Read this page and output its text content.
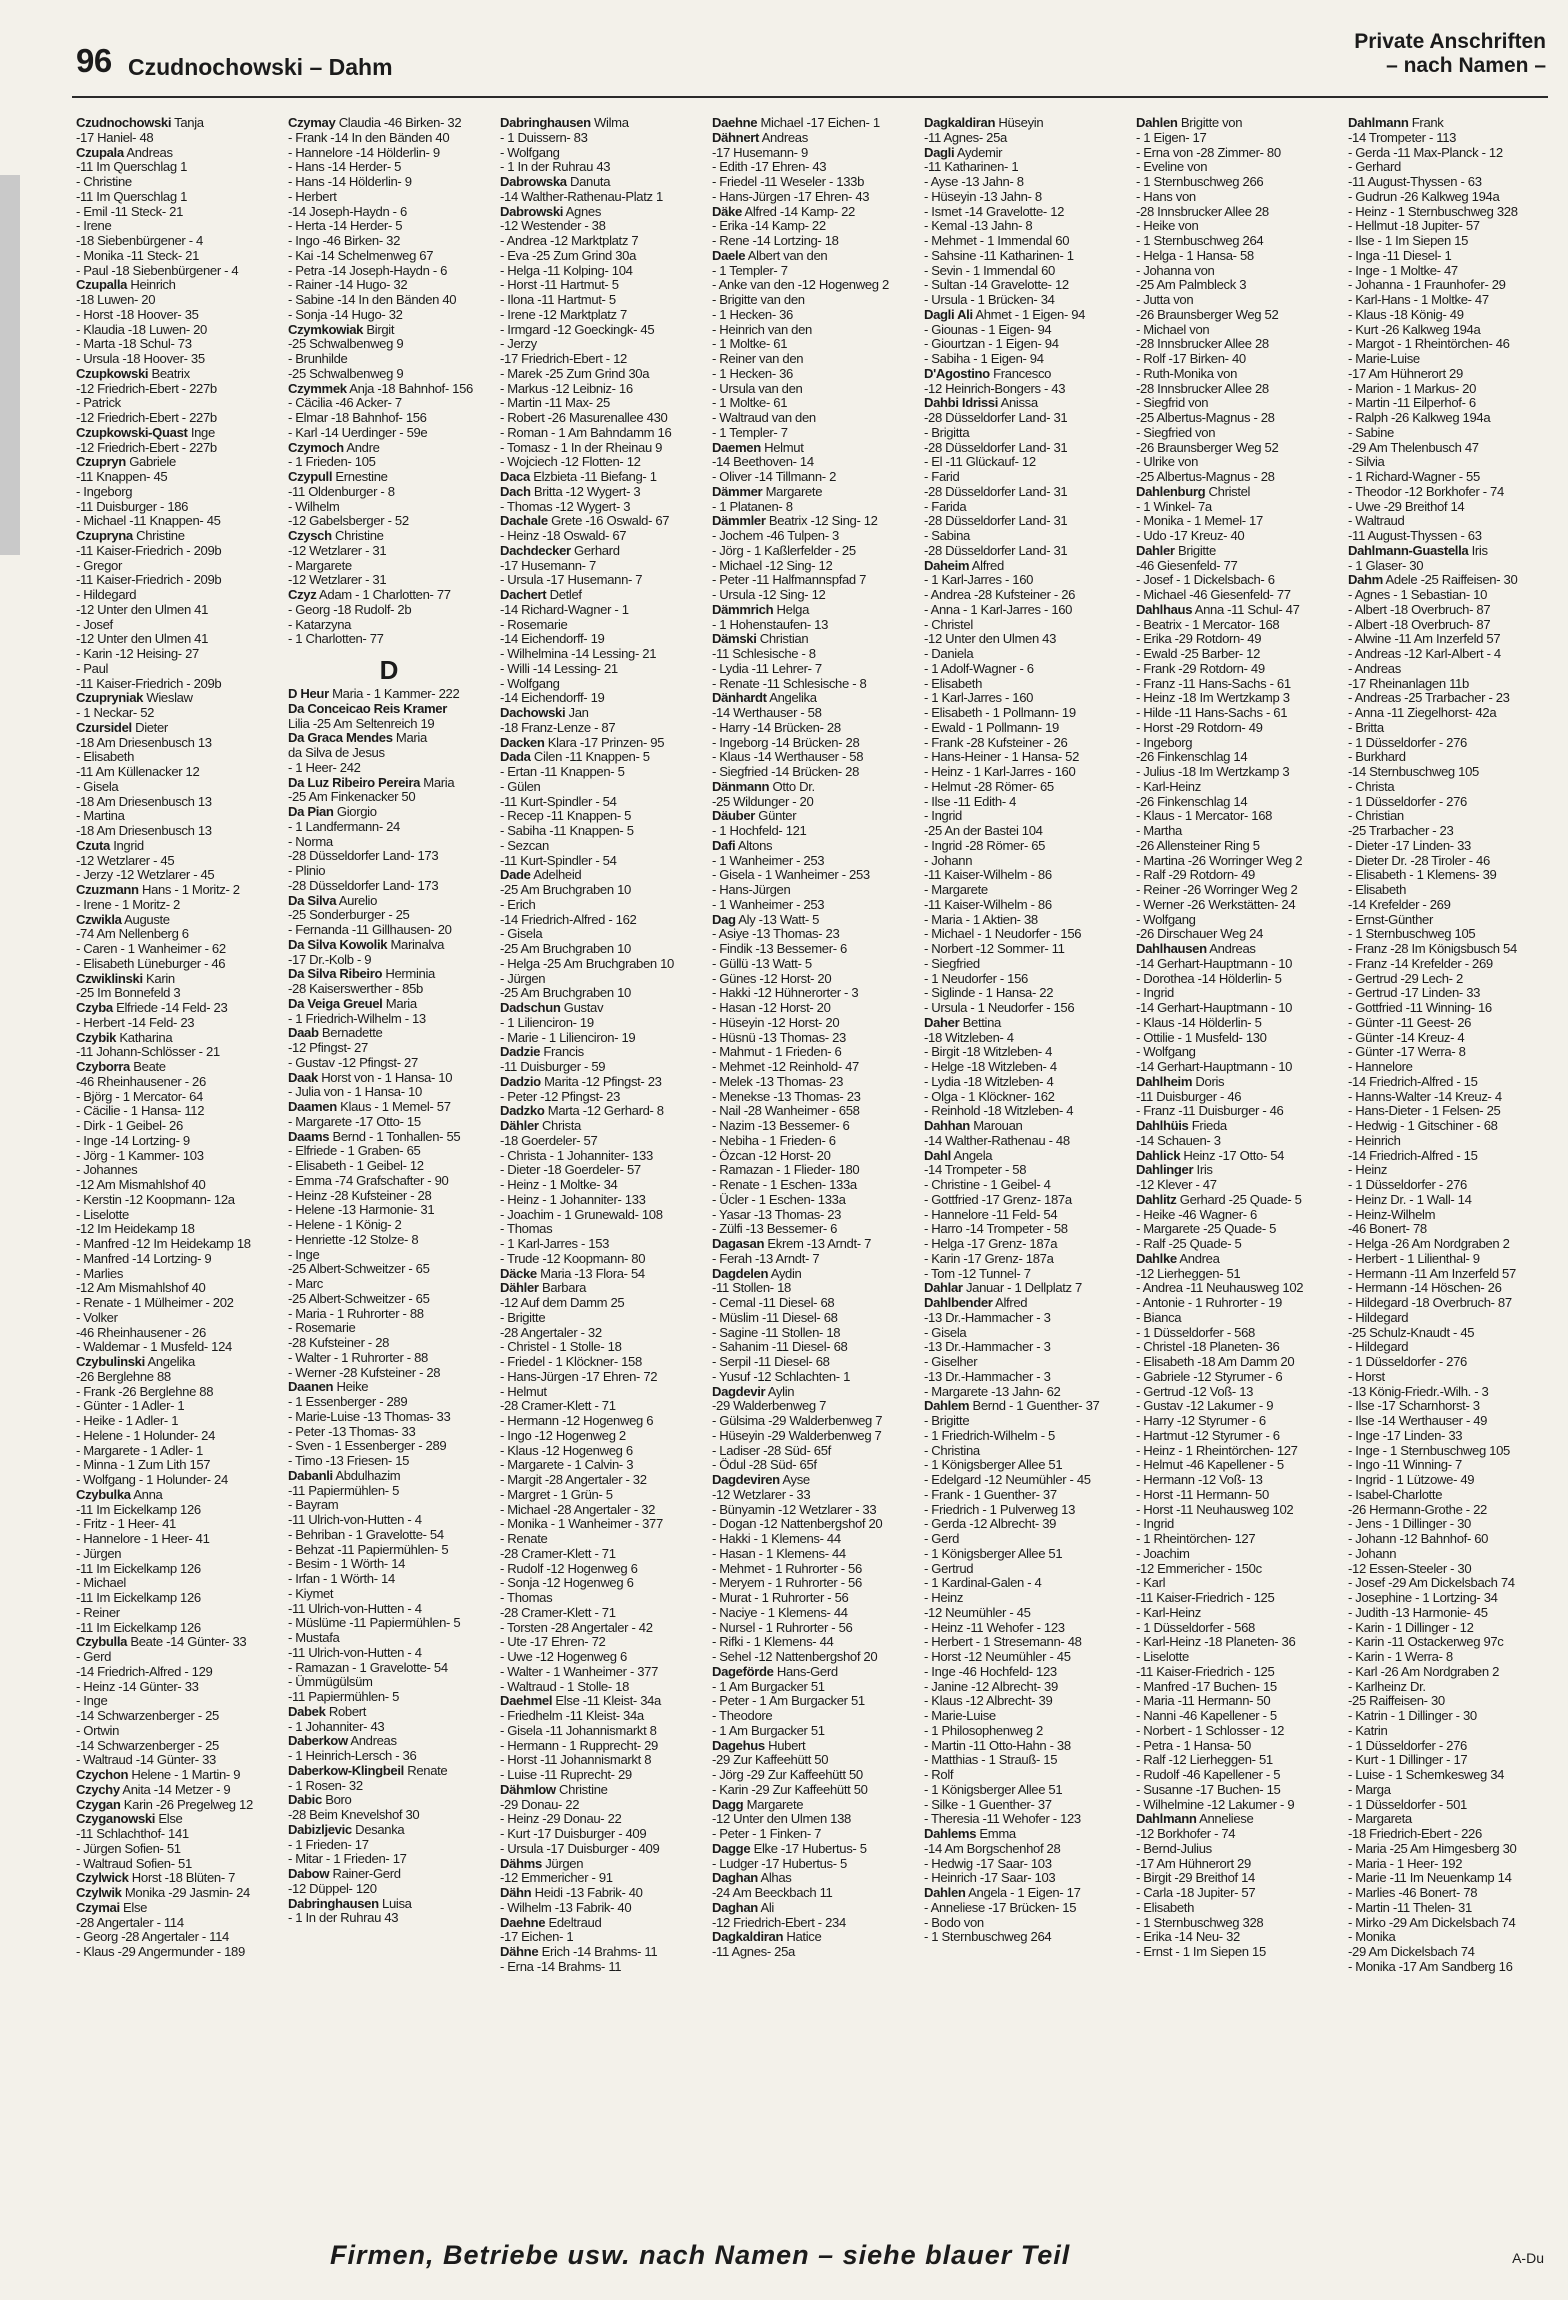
96 Czudnochowski – Dahm
Private Anschriften
– nach Namen –
Czudnochowski Tanja
-17 Haniel- 48
Czupala Andreas
-11 Im Querschlag 1
- Christine
-11 Im Querschlag 1
- Emil -11 Steck- 21
- Irene
-18 Siebenbürgener - 4
- Monika -11 Steck- 21
- Paul -18 Siebenbürgener - 4
Czupalla Heinrich
-18 Luwen- 20
- Horst -18 Hoover- 35
- Klaudia -18 Luwen- 20
- Marta -18 Schul- 73
- Ursula -18 Hoover- 35
Czupkowski Beatrix
-12 Friedrich-Ebert - 227b
- Patrick
-12 Friedrich-Ebert - 227b
Czupkowski-Quast Inge
-12 Friedrich-Ebert - 227b
Czupryn Gabriele
-11 Knappen- 45
- Ingeborg
-11 Duisburger - 186
- Michael -11 Knappen- 45
Czupryna Christine
-11 Kaiser-Friedrich - 209b
- Gregor
-11 Kaiser-Friedrich - 209b
- Hildegard
-12 Unter den Ulmen 41
- Josef
-12 Unter den Ulmen 41
- Karin -12 Heising- 27
- Paul
-11 Kaiser-Friedrich - 209b
Czupryniak Wieslaw
- 1 Neckar- 52
Czursidel Dieter
-18 Am Driesenbusch 13
- Elisabeth
-11 Am Küllenacker 12
- Gisela
-18 Am Driesenbusch 13
- Martina
-18 Am Driesenbusch 13
Czuta Ingrid
-12 Wetzlarer - 45
- Jerzy -12 Wetzlarer - 45
Czuzmann Hans - 1 Moritz- 2
- Irene - 1 Moritz- 2
Czwikla Auguste
-74 Am Nellenberg 6
- Caren - 1 Wanheimer - 62
- Elisabeth Lüneburger - 46
Czwiklinski Karin
-25 Im Bonnefeld 3
Czyba Elfriede -14 Feld- 23
- Herbert -14 Feld- 23
Czybik Katharina
-11 Johann-Schlösser - 21
Czyborra Beate
-46 Rheinhausener - 26
- Björg - 1 Mercator- 64
- Cäcilie - 1 Hansa- 112
- Dirk - 1 Geibel- 26
- Inge -14 Lortzing- 9
- Jörg - 1 Kammer- 103
- Johannes
-12 Am Mismahlshof 40
- Kerstin -12 Koopmann- 12a
- Liselotte
-12 Im Heidekamp 18
- Manfred -12 Im Heidekamp 18
- Manfred -14 Lortzing- 9
- Marlies
-12 Am Mismahlshof 40
- Renate - 1 Mülheimer - 202
- Volker
-46 Rheinhausener - 26
- Waldemar - 1 Musfeld- 124
Czybulinski Angelika
-26 Berglehne 88
- Frank -26 Berglehne 88
- Günter - 1 Adler- 1
- Heike - 1 Adler- 1
- Helene - 1 Holunder- 24
- Margarete - 1 Adler- 1
- Minna - 1 Zum Lith 157
- Wolfgang - 1 Holunder- 24
Czybulka Anna
-11 Im Eickelkamp 126
- Fritz - 1 Heer- 41
- Hannelore - 1 Heer- 41
- Jürgen
-11 Im Eickelkamp 126
- Michael
-11 Im Eickelkamp 126
- Reiner
-11 Im Eickelkamp 126
Czybulla Beate -14 Günter- 33
- Gerd
-14 Friedrich-Alfred - 129
- Heinz -14 Günter- 33
- Inge
-14 Schwarzenberger - 25
- Ortwin
-14 Schwarzenberger - 25
- Waltraud -14 Günter- 33
Czychon Helene - 1 Martin- 9
Czychy Anita -14 Metzer - 9
Czygan Karin -26 Pregelweg 12
Czyganowski Else
-11 Schlachthof- 141
- Jürgen Sofien- 51
- Waltraud Sofien- 51
Czylwick Horst -18 Blüten- 7
Czylwik Monika -29 Jasmin- 24
Czymai Else
-28 Angertaler - 114
- Georg -28 Angertaler - 114
- Klaus -29 Angermunder - 189
Czymay Claudia -46 Birken- 32
- Frank -14 In den Bänden 40
- Hannelore -14 Hölderlin- 9
- Hans -14 Herder- 5
- Hans -14 Hölderlin- 9
- Herbert
-14 Joseph-Haydn - 6
- Herta -14 Herder- 5
- Ingo -46 Birken- 32
- Kai -14 Schelmenweg 67
- Petra -14 Joseph-Haydn - 6
- Rainer -14 Hugo- 32
- Sabine -14 In den Bänden 40
- Sonja -14 Hugo- 32
Czymkowiak Birgit
-25 Schwalbenweg 9
- Brunhilde
-25 Schwalbenweg 9
Czymmek Anja -18 Bahnhof- 156
- Cäcilia -46 Acker- 7
- Elmar -18 Bahnhof- 156
- Karl -14 Uerdinger - 59e
Czymoch Andre
- 1 Frieden- 105
Czypull Ernestine
-11 Oldenburger - 8
- Wilhelm
-12 Gabelsberger - 52
Czysch Christine
-12 Wetzlarer - 31
- Margarete
-12 Wetzlarer - 31
Czyz Adam - 1 Charlotten- 77
- Georg -18 Rudolf- 2b
- Katarzyna
- 1 Charlotten- 77
D
D Heur Maria - 1 Kammer- 222
Da Conceicao Reis Kramer
Lilia -25 Am Seltenreich 19
Da Graca Mendes Maria
da Silva de Jesus
- 1 Heer- 242
Da Luz Ribeiro Pereira Maria
-25 Am Finkenacker 50
Da Pian Giorgio
- 1 Landfermann- 24
- Norma
-28 Düsseldorfer Land- 173
- Plinio
-28 Düsseldorfer Land- 173
Da Silva Aurelio
-25 Sonderburger - 25
- Fernanda -11 Gillhausen- 20
Da Silva Kowolik Marinalva
-17 Dr.-Kolb - 9
Da Silva Ribeiro Herminia
-28 Kaiserswerther - 85b
Da Veiga Greuel Maria
- 1 Friedrich-Wilhelm - 13
Daab Bernadette
-12 Pfingst- 27
- Gustav -12 Pfingst- 27
Daak Horst von - 1 Hansa- 10
- Julia von - 1 Hansa- 10
Daamen Klaus - 1 Memel- 57
- Margarete -17 Otto- 15
Daams Bernd - 1 Tonhallen- 55
- Elfriede - 1 Graben- 65
- Elisabeth - 1 Geibel- 12
- Emma -74 Grafschafter - 90
- Heinz -28 Kufsteiner - 28
- Helene -13 Harmonie- 31
- Helene - 1 König- 2
- Henriette -12 Stolze- 8
- Inge
-25 Albert-Schweitzer - 65
- Marc
-25 Albert-Schweitzer - 65
- Maria - 1 Ruhrorter - 88
- Rosemarie
-28 Kufsteiner - 28
- Walter - 1 Ruhrorter - 88
- Werner -28 Kufsteiner - 28
Daanen Heike
- 1 Essenberger - 289
- Marie-Luise -13 Thomas- 33
- Peter -13 Thomas- 33
- Sven - 1 Essenberger - 289
- Timo -13 Friesen- 15
Dabanli Abdulhazim
-11 Papiermühlen- 5
- Bayram
-11 Ulrich-von-Hutten - 4
- Behriban - 1 Gravelotte- 54
- Behzat -11 Papiermühlen- 5
- Besim - 1 Wörth- 14
- Irfan - 1 Wörth- 14
- Kiymet
-11 Ulrich-von-Hutten - 4
- Müslüme -11 Papiermühlen- 5
- Mustafa
-11 Ulrich-von-Hutten - 4
- Ramazan - 1 Gravelotte- 54
- Ümmügülsüm
-11 Papiermühlen- 5
Dabek Robert
- 1 Johanniter- 43
Daberkow Andreas
- 1 Heinrich-Lersch - 36
Daberkow-Klingbeil Renate
- 1 Rosen- 32
Dabic Boro
-28 Beim Knevelshof 30
Dabizljevic Desanka
- 1 Frieden- 17
- Mitar - 1 Frieden- 17
Dabow Rainer-Gerd
-12 Düppel- 120
Dabringhausen Luisa
- 1 In der Ruhrau 43
Dabringhausen Wilma
- 1 Duissern- 83
- Wolfgang
- 1 In der Ruhrau 43
Dabrowska Danuta
-14 Walther-Rathenau-Platz 1
Dabrowski Agnes
-12 Westender - 38
- Andrea -12 Marktplatz 7
- Eva -25 Zum Grind 30a
- Helga -11 Kolping- 104
- Horst -11 Hartmut- 5
- Ilona -11 Hartmut- 5
- Irene -12 Marktplatz 7
- Irmgard -12 Goeckingk- 45
- Jerzy
-17 Friedrich-Ebert - 12
- Marek -25 Zum Grind 30a
- Markus -12 Leibniz- 16
- Martin -11 Max- 25
- Robert -26 Masurenallee 430
- Roman - 1 Am Bahndamm 16
- Tomasz - 1 In der Rheinau 9
- Wojciech -12 Flotten- 12
Daca Elzbieta -11 Biefang- 1
Dach Britta -12 Wygert- 3
- Thomas -12 Wygert- 3
Dachale Grete -16 Oswald- 67
- Heinz -18 Oswald- 67
Dachdecker Gerhard
-17 Husemann- 7
- Ursula -17 Husemann- 7
Dachert Detlef
-14 Richard-Wagner - 1
- Rosemarie
-14 Eichendorff- 19
- Wilhelmina -14 Lessing- 21
- Willi -14 Lessing- 21
- Wolfgang
-14 Eichendorff- 19
Dachowski Jan
-18 Franz-Lenze - 87
Dacken Klara -17 Prinzen- 95
Dada Cilen -11 Knappen- 5
- Ertan -11 Knappen- 5
- Gülen
-11 Kurt-Spindler - 54
- Recep -11 Knappen- 5
- Sabiha -11 Knappen- 5
- Sezcan
-11 Kurt-Spindler - 54
Dade Adelheid
-25 Am Bruchgraben 10
- Erich
-14 Friedrich-Alfred - 162
- Gisela
-25 Am Bruchgraben 10
- Helga -25 Am Bruchgraben 10
- Jürgen
-25 Am Bruchgraben 10
Dadschun Gustav
- 1 Lilienciron- 19
- Marie - 1 Lilienciron- 19
Dadzie Francis
-11 Duisburger - 59
Dadzio Marita -12 Pfingst- 23
- Peter -12 Pfingst- 23
Dadzko Marta -12 Gerhard- 8
Dähler Christa
-18 Goerdeler- 57
- Christa - 1 Johanniter- 133
- Dieter -18 Goerdeler- 57
- Heinz - 1 Moltke- 34
- Heinz - 1 Johanniter- 133
- Joachim - 1 Grunewald- 108
- Thomas
- 1 Karl-Jarres - 153
- Trude -12 Koopmann- 80
Däcke Maria -13 Flora- 54
Dähler Barbara
-12 Auf dem Damm 25
- Brigitte
-28 Angertaler - 32
- Christel - 1 Stolle- 18
- Friedel - 1 Klöckner- 158
- Hans-Jürgen -17 Ehren- 72
- Helmut
-28 Cramer-Klett - 71
- Hermann -12 Hogenweg 6
- Ingo -12 Hogenweg 2
- Klaus -12 Hogenweg 6
- Margarete - 1 Calvin- 3
- Margit -28 Angertaler - 32
- Margret - 1 Grün- 5
- Michael -28 Angertaler - 32
- Monika - 1 Wanheimer - 377
- Renate
-28 Cramer-Klett - 71
- Rudolf -12 Hogenweg 6
- Sonja -12 Hogenweg 6
- Thomas
-28 Cramer-Klett - 71
- Torsten -28 Angertaler - 42
- Ute -17 Ehren- 72
- Uwe -12 Hogenweg 6
- Walter - 1 Wanheimer - 377
- Waltraud - 1 Stolle- 18
Daehmel Else -11 Kleist- 34a
- Friedhelm -11 Kleist- 34a
- Gisela -11 Johannismarkt 8
- Hermann - 1 Rupprecht- 29
- Horst -11 Johannismarkt 8
- Luise -11 Ruprecht- 29
Dähmlow Christine
-29 Donau- 22
- Heinz -29 Donau- 22
- Kurt -17 Duisburger - 409
- Ursula -17 Duisburger - 409
Dähms Jürgen
-12 Emmericher - 91
Dähn Heidi -13 Fabrik- 40
- Wilhelm -13 Fabrik- 40
Daehne Edeltraud
-17 Eichen- 1
Dähne Erich -14 Brahms- 11
- Erna -14 Brahms- 11
Daehne Michael -17 Eichen- 1
Dähnert Andreas
-17 Husemann- 9
- Edith -17 Ehren- 43
- Friedel -11 Weseler - 133b
- Hans-Jürgen -17 Ehren- 43
Däke Alfred -14 Kamp- 22
- Erika -14 Kamp- 22
- Rene -14 Lortzing- 18
Daele Albert van den
- 1 Templer- 7
- Anke van den -12 Hogenweg 2
- Brigitte van den
- 1 Hecken- 36
- Heinrich van den
- 1 Moltke- 61
- Reiner van den
- 1 Hecken- 36
- Ursula van den
- 1 Moltke- 61
- Waltraud van den
- 1 Templer- 7
Daemen Helmut
-14 Beethoven- 14
- Oliver -14 Tillmann- 2
Dämmer Margarete
- 1 Platanen- 8
Dämmler Beatrix -12 Sing- 12
- Jochem -46 Tulpen- 3
- Jörg - 1 Kaßlerfelder - 25
- Michael -12 Sing- 12
- Peter -11 Halfmannspfad 7
- Ursula -12 Sing- 12
Dämmrich Helga
- 1 Hohenstaufen- 13
Dämski Christian
-11 Schlesische - 8
- Lydia -11 Lehrer- 7
- Renate -11 Schlesische - 8
Dänhardt Angelika
-14 Werthauser - 58
- Harry -14 Brücken- 28
- Ingeborg -14 Brücken- 28
- Klaus -14 Werthauser - 58
- Siegfried -14 Brücken- 28
Dänmann Otto Dr.
-25 Wildunger - 20
Däuber Günter
- 1 Hochfeld- 121
Dafi Altons
- 1 Wanheimer - 253
- Gisela - 1 Wanheimer - 253
- Hans-Jürgen
- 1 Wanheimer - 253
Dag Aly -13 Watt- 5
- Asiye -13 Thomas- 23
- Findik -13 Bessemer- 6
- Güllü -13 Watt- 5
- Günes -12 Horst- 20
- Hakki -12 Hühnerorter - 3
- Hasan -12 Horst- 20
- Hüseyin -12 Horst- 20
- Hüsnü -13 Thomas- 23
- Mahmut - 1 Frieden- 6
- Mehmet -12 Reinhold- 47
- Melek -13 Thomas- 23
- Menekse -13 Thomas- 23
- Nail -28 Wanheimer - 658
- Nazim -13 Bessemer- 6
- Nebiha - 1 Frieden- 6
- Özcan -12 Horst- 20
- Ramazan - 1 Flieder- 180
- Renate - 1 Eschen- 133a
- Ücler - 1 Eschen- 133a
- Yasar -13 Thomas- 23
- Zülfi -13 Bessemer- 6
Dagasan Ekrem -13 Arndt- 7
- Ferah -13 Arndt- 7
Dagdelen Aydin
-11 Stollen- 18
- Cemal -11 Diesel- 68
- Müslim -11 Diesel- 68
- Sagine -11 Stollen- 18
- Sahanim -11 Diesel- 68
- Serpil -11 Diesel- 68
- Yusuf -12 Schlachten- 1
Dagdevir Aylin
-29 Walderbenweg 7
- Gülsima -29 Walderbenweg 7
- Hüseyin -29 Walderbenweg 7
- Ladiser -28 Süd- 65f
- Ödul -28 Süd- 65f
Dagdeviren Ayse
-12 Wetzlarer - 33
- Bünyamin -12 Wetzlarer - 33
- Dogan -12 Nattenbergshof 20
- Hakki - 1 Klemens- 44
- Hasan - 1 Klemens- 44
- Mehmet - 1 Ruhrorter - 56
- Meryem - 1 Ruhrorter - 56
- Murat - 1 Ruhrorter - 56
- Naciye - 1 Klemens- 44
- Nursel - 1 Ruhrorter - 56
- Rifki - 1 Klemens- 44
- Sehel -12 Nattenbergshof 20
Dageförde Hans-Gerd
- 1 Am Burgacker 51
- Peter - 1 Am Burgacker 51
- Theodore
- 1 Am Burgacker 51
Dagehus Hubert
-29 Zur Kaffeehütt 50
- Jörg -29 Zur Kaffeehütt 50
- Karin -29 Zur Kaffeehütt 50
Dagg Margarete
-12 Unter den Ulmen 138
- Peter - 1 Finken- 7
Dagge Elke -17 Hubertus- 5
- Ludger -17 Hubertus- 5
Daghan Alhas
-24 Am Beeckbach 11
Daghan Ali
-12 Friedrich-Ebert - 234
Dagkaldiran Hatice
-11 Agnes- 25a
Dagkaldiran Hüseyin
-11 Agnes- 25a
Dagli Aydemir
-11 Katharinen- 1
- Ayse -13 Jahn- 8
- Hüseyin -13 Jahn- 8
- Ismet -14 Gravelotte- 12
- Kemal -13 Jahn- 8
- Mehmet - 1 Immendal 60
- Sahsine -11 Katharinen- 1
- Sevin - 1 Immendal 60
- Sultan -14 Gravelotte- 12
- Ursula - 1 Brücken- 34
Dagli Ali Ahmet - 1 Eigen- 94
- Giounas - 1 Eigen- 94
- Giourtzan - 1 Eigen- 94
- Sabiha - 1 Eigen- 94
D'Agostino Francesco
-12 Heinrich-Bongers - 43
Dahbi Idrissi Anissa
-28 Düsseldorfer Land- 31
- Brigitta
-28 Düsseldorfer Land- 31
- El -11 Glückauf- 12
- Farid
-28 Düsseldorfer Land- 31
- Farida
-28 Düsseldorfer Land- 31
- Sabina
-28 Düsseldorfer Land- 31
Daheim Alfred
- 1 Karl-Jarres - 160
- Andrea -28 Kufsteiner - 26
- Anna - 1 Karl-Jarres - 160
- Christel
-12 Unter den Ulmen 43
- Daniela
- 1 Adolf-Wagner - 6
- Elisabeth
- 1 Karl-Jarres - 160
- Elisabeth - 1 Pollmann- 19
- Ewald - 1 Pollmann- 19
- Frank -28 Kufsteiner - 26
- Hans-Heiner - 1 Hansa- 52
- Heinz - 1 Karl-Jarres - 160
- Helmut -28 Römer- 65
- Ilse -11 Edith- 4
- Ingrid
-25 An der Bastei 104
- Ingrid -28 Römer- 65
- Johann
-11 Kaiser-Wilhelm - 86
- Margarete
-11 Kaiser-Wilhelm - 86
- Maria - 1 Aktien- 38
- Michael - 1 Neudorfer - 156
- Norbert -12 Sommer- 11
- Siegfried
- 1 Neudorfer - 156
- Siglinde - 1 Hansa- 22
- Ursula - 1 Neudorfer - 156
Daher Bettina
-18 Witzleben- 4
- Birgit -18 Witzleben- 4
- Helge -18 Witzleben- 4
- Lydia -18 Witzleben- 4
- Olga - 1 Klöckner- 162
- Reinhold -18 Witzleben- 4
Dahhan Marouan
-14 Walther-Rathenau - 48
Dahl Angela
-14 Trompeter - 58
- Christine - 1 Geibel- 4
- Gottfried -17 Grenz- 187a
- Hannelore -11 Feld- 54
- Harro -14 Trompeter - 58
- Helga -17 Grenz- 187a
- Karin -17 Grenz- 187a
- Tom -12 Tunnel- 7
Dahlar Januar - 1 Dellplatz 7
Dahlbender Alfred
-13 Dr.-Hammacher - 3
- Gisela
-13 Dr.-Hammacher - 3
- Giselher
-13 Dr.-Hammacher - 3
- Margarete -13 Jahn- 62
Dahlem Bernd - 1 Guenther- 37
- Brigitte
- 1 Friedrich-Wilhelm - 5
- Christina
- 1 Königsberger Allee 51
- Edelgard -12 Neumühler - 45
- Frank - 1 Guenther- 37
- Friedrich - 1 Pulverweg 13
- Gerda -12 Albrecht- 39
- Gerd
- 1 Königsberger Allee 51
- Gertrud
- 1 Kardinal-Galen - 4
- Heinz
-12 Neumühler - 45
- Heinz -11 Wehofer - 123
- Herbert - 1 Stresemann- 48
- Horst -12 Neumühler - 45
- Inge -46 Hochfeld- 123
- Janine -12 Albrecht- 39
- Klaus -12 Albrecht- 39
- Marie-Luise
- 1 Philosophenweg 2
- Martin -11 Otto-Hahn - 38
- Matthias - 1 Strauß- 15
- Rolf
- 1 Königsberger Allee 51
- Silke - 1 Guenther- 37
- Theresia -11 Wehofer - 123
Dahlems Emma
-14 Am Borgschenhof 28
- Hedwig -17 Saar- 103
- Heinrich -17 Saar- 103
Dahlen Angela - 1 Eigen- 17
- Anneliese -17 Brücken- 15
- Bodo von
- 1 Sternbuschweg 264
Dahlen Brigitte von
- 1 Eigen- 17
- Erna von -28 Zimmer- 80
- Eveline von
- 1 Sternbuschweg 266
- Hans von
-28 Innsbrucker Allee 28
- Heike von
- 1 Sternbuschweg 264
- Helga - 1 Hansa- 58
- Johanna von
-25 Am Palmbleck 3
- Jutta von
-26 Braunsberger Weg 52
- Michael von
-28 Innsbrucker Allee 28
- Rolf -17 Birken- 40
- Ruth-Monika von
-28 Innsbrucker Allee 28
- Siegfrid von
-25 Albertus-Magnus - 28
- Siegfried von
-26 Braunsberger Weg 52
- Ulrike von
-25 Albertus-Magnus - 28
Dahlenburg Christel
- 1 Winkel- 7a
- Monika - 1 Memel- 17
- Udo -17 Kreuz- 40
Dahler Brigitte
-46 Giesenfeld- 77
- Josef - 1 Dickelsbach- 6
- Michael -46 Giesenfeld- 77
Dahlhaus Anna -11 Schul- 47
- Beatrix - 1 Mercator- 168
- Erika -29 Rotdorn- 49
- Ewald -25 Barber- 12
- Frank -29 Rotdorn- 49
- Franz -11 Hans-Sachs - 61
- Heinz -18 Im Wertzkamp 3
- Hilde -11 Hans-Sachs - 61
- Horst -29 Rotdorn- 49
- Ingeborg
-26 Finkenschlag 14
- Julius -18 Im Wertzkamp 3
- Karl-Heinz
-26 Finkenschlag 14
- Klaus - 1 Mercator- 168
- Martha
-26 Allensteiner Ring 5
- Martina -26 Worringer Weg 2
- Ralf -29 Rotdorn- 49
- Reiner -26 Worringer Weg 2
- Werner -26 Werkstätten- 24
- Wolfgang
-26 Dirschauer Weg 24
Dahlhausen Andreas
-14 Gerhart-Hauptmann - 10
- Dorothea -14 Hölderlin- 5
- Ingrid
-14 Gerhart-Hauptmann - 10
- Klaus -14 Hölderlin- 5
- Ottilie - 1 Musfeld- 130
- Wolfgang
-14 Gerhart-Hauptmann - 10
Dahlheim Doris
-11 Duisburger - 46
- Franz -11 Duisburger - 46
Dahlhüis Frieda
-14 Schauen- 3
Dahlick Heinz -17 Otto- 54
Dahlinger Iris
-12 Klever - 47
Dahlitz Gerhard -25 Quade- 5
- Heike -46 Wagner- 6
- Margarete -25 Quade- 5
- Ralf -25 Quade- 5
Dahlke Andrea
-12 Lierheggen- 51
- Andrea -11 Neuhausweg 102
- Antonie - 1 Ruhrorter - 19
- Bianca
- 1 Düsseldorfer - 568
- Christel -18 Planeten- 36
- Elisabeth -18 Am Damm 20
- Gabriele -12 Styrumer - 6
- Gertrud -12 Voß- 13
- Gustav -12 Lakumer - 9
- Harry -12 Styrumer - 6
- Hartmut -12 Styrumer - 6
- Heinz - 1 Rheintörchen- 127
- Helmut -46 Kapellener - 5
- Hermann -12 Voß- 13
- Horst -11 Hermann- 50
- Horst -11 Neuhausweg 102
- Ingrid
- 1 Rheintörchen- 127
- Joachim
-12 Emmericher - 150c
- Karl
-11 Kaiser-Friedrich - 125
- Karl-Heinz
- 1 Düsseldorfer - 568
- Karl-Heinz -18 Planeten- 36
- Liselotte
-11 Kaiser-Friedrich - 125
- Manfred -17 Buchen- 15
- Maria -11 Hermann- 50
- Nanni -46 Kapellener - 5
- Norbert - 1 Schlosser - 12
- Petra - 1 Hansa- 50
- Ralf -12 Lierheggen- 51
- Rudolf -46 Kapellener - 5
- Susanne -17 Buchen- 15
- Wilhelmine -12 Lakumer - 9
Dahlmann Anneliese
-12 Borkhofer - 74
- Bernd-Julius
-17 Am Hühnerort 29
- Birgit -29 Breithof 14
- Carla -18 Jupiter- 57
- Elisabeth
- 1 Sternbuschweg 328
- Erika -14 Neu- 32
- Ernst - 1 Im Siepen 15
Dahlmann Frank
-14 Trompeter - 113
- Gerda -11 Max-Planck - 12
- Gerhard
-11 August-Thyssen - 63
- Gudrun -26 Kalkweg 194a
- Heinz - 1 Sternbuschweg 328
- Hellmut -18 Jupiter- 57
- Ilse - 1 Im Siepen 15
- Inga -11 Diesel- 1
- Inge - 1 Moltke- 47
- Johanna - 1 Fraunhofer- 29
- Karl-Hans - 1 Moltke- 47
- Klaus -18 König- 49
- Kurt -26 Kalkweg 194a
- Margot - 1 Rheintörchen- 46
- Marie-Luise
-17 Am Hühnerort 29
- Marion - 1 Markus- 20
- Martin -11 Eilperhof- 6
- Ralph -26 Kalkweg 194a
- Sabine
-29 Am Thelenbusch 47
- Silvia
- 1 Richard-Wagner - 55
- Theodor -12 Borkhofer - 74
- Uwe -29 Breithof 14
- Waltraud
-11 August-Thyssen - 63
Dahlmann-Guastella Iris
- 1 Glaser- 30
Dahm Adele -25 Raiffeisen- 30
- Agnes - 1 Sebastian- 10
- Albert -18 Overbruch- 87
- Albert -18 Overbruch- 87
- Alwine -11 Am Inzerfeld 57
- Andreas -12 Karl-Albert - 4
- Andreas
-17 Rheinanlagen 11b
- Andreas -25 Trarbacher - 23
- Anna -11 Ziegelhorst- 42a
- Britta
- 1 Düsseldorfer - 276
- Burkhard
-14 Sternbuschweg 105
- Christa
- 1 Düsseldorfer - 276
- Christian
-25 Trarbacher - 23
- Dieter -17 Linden- 33
- Dieter Dr. -28 Tiroler - 46
- Elisabeth - 1 Klemens- 39
- Elisabeth
-14 Krefelder - 269
- Ernst-Günther
- 1 Sternbuschweg 105
- Franz -28 Im Königsbusch 54
- Franz -14 Krefelder - 269
- Gertrud -29 Lech- 2
- Gertrud -17 Linden- 33
- Gottfried -11 Winning- 16
- Günter -11 Geest- 26
- Günter -14 Kreuz- 4
- Günter -17 Werra- 8
- Hannelore
-14 Friedrich-Alfred - 15
- Hanns-Walter -14 Kreuz- 4
- Hans-Dieter - 1 Felsen- 25
- Hedwig - 1 Gitschiner - 68
- Heinrich
-14 Friedrich-Alfred - 15
- Heinz
- 1 Düsseldorfer - 276
- Heinz Dr. - 1 Wall- 14
- Heinz-Wilhelm
-46 Bonert- 78
- Helga -26 Am Nordgraben 2
- Herbert - 1 Lilienthal- 9
- Hermann -11 Am Inzerfeld 57
- Hermann -14 Höschen- 26
- Hildegard -18 Overbruch- 87
- Hildegard
-25 Schulz-Knaudt - 45
- Hildegard
- 1 Düsseldorfer - 276
- Horst
-13 König-Friedr.-Wilh. - 3
- Ilse -17 Scharnhorst- 3
- Ilse -14 Werthauser - 49
- Inge -17 Linden- 33
- Inge - 1 Sternbuschweg 105
- Ingo -11 Winning- 7
- Ingrid - 1 Lützowe- 49
- Isabel-Charlotte
-26 Hermann-Grothe - 22
- Jens - 1 Dillinger - 30
- Johann -12 Bahnhof- 60
- Johann
-12 Essen-Steeler - 30
- Josef -29 Am Dickelsbach 74
- Josephine - 1 Lortzing- 34
- Judith -13 Harmonie- 45
- Karin - 1 Dillinger - 12
- Karin -11 Ostackerweg 97c
- Karin - 1 Werra- 8
- Karl -26 Am Nordgraben 2
- Karlheinz Dr.
-25 Raiffeisen- 30
- Katrin - 1 Dillinger - 30
- Katrin
- 1 Düsseldorfer - 276
- Kurt - 1 Dillinger - 17
- Luise - 1 Schemkesweg 34
- Marga
- 1 Düsseldorfer - 501
- Margareta
-18 Friedrich-Ebert - 226
- Maria -25 Am Himgesberg 30
- Maria - 1 Heer- 192
- Marie -11 Im Neuenkamp 14
- Marlies -46 Bonert- 78
- Martin -11 Thelen- 31
- Mirko -29 Am Dickelsbach 74
- Monika
-29 Am Dickelsbach 74
- Monika -17 Am Sandberg 16
Firmen, Betriebe usw. nach Namen – siehe blauer Teil	A-Du
